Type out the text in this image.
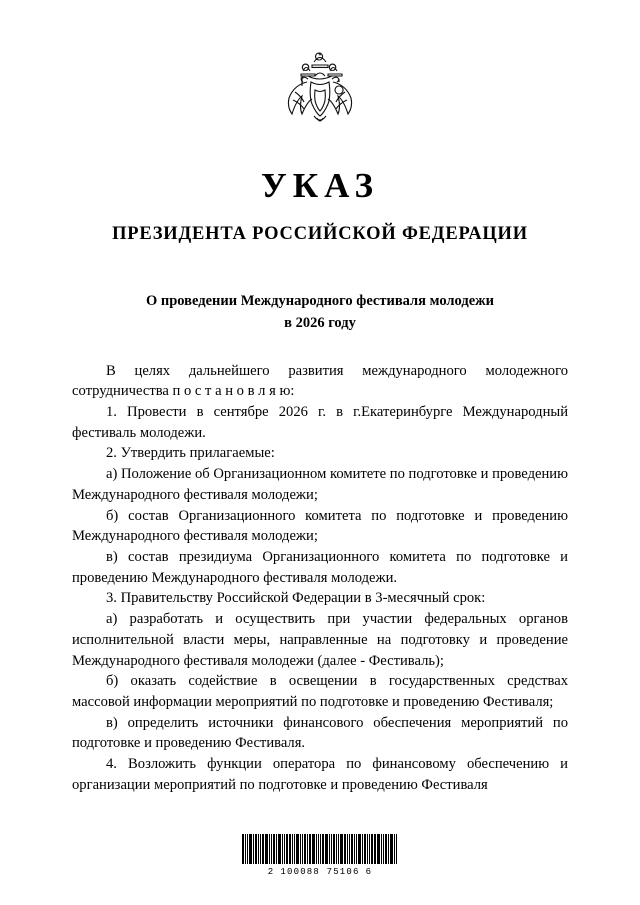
УКАЗ
ПРЕЗИДЕНТА РОССИЙСКОЙ ФЕДЕРАЦИИ
О проведении Международного фестиваля молодежи
в 2026 году

В целях дальнейшего развития международного молодежного сотрудничества п о с т а н о в л я ю:

1. Провести в сентябре 2026 г. в г.Екатеринбурге Международный фестиваль молодежи.

2. Утвердить прилагаемые:

а) Положение об Организационном комитете по подготовке и проведению Международного фестиваля молодежи;

б) состав Организационного комитета по подготовке и проведению Международного фестиваля молодежи;

в) состав президиума Организационного комитета по подготовке и проведению Международного фестиваля молодежи.

3. Правительству Российской Федерации в 3-месячный срок:

а) разработать и осуществить при участии федеральных органов исполнительной власти меры, направленные на подготовку и проведение Международного фестиваля молодежи (далее - Фестиваль);

б) оказать содействие в освещении в государственных средствах массовой информации мероприятий по подготовке и проведению Фестиваля;

в) определить источники финансового обеспечения мероприятий по подготовке и проведению Фестиваля.

4. Возложить функции оператора по финансовому обеспечению и организации мероприятий по подготовке и проведению Фестиваля

2 100088 75106 6
